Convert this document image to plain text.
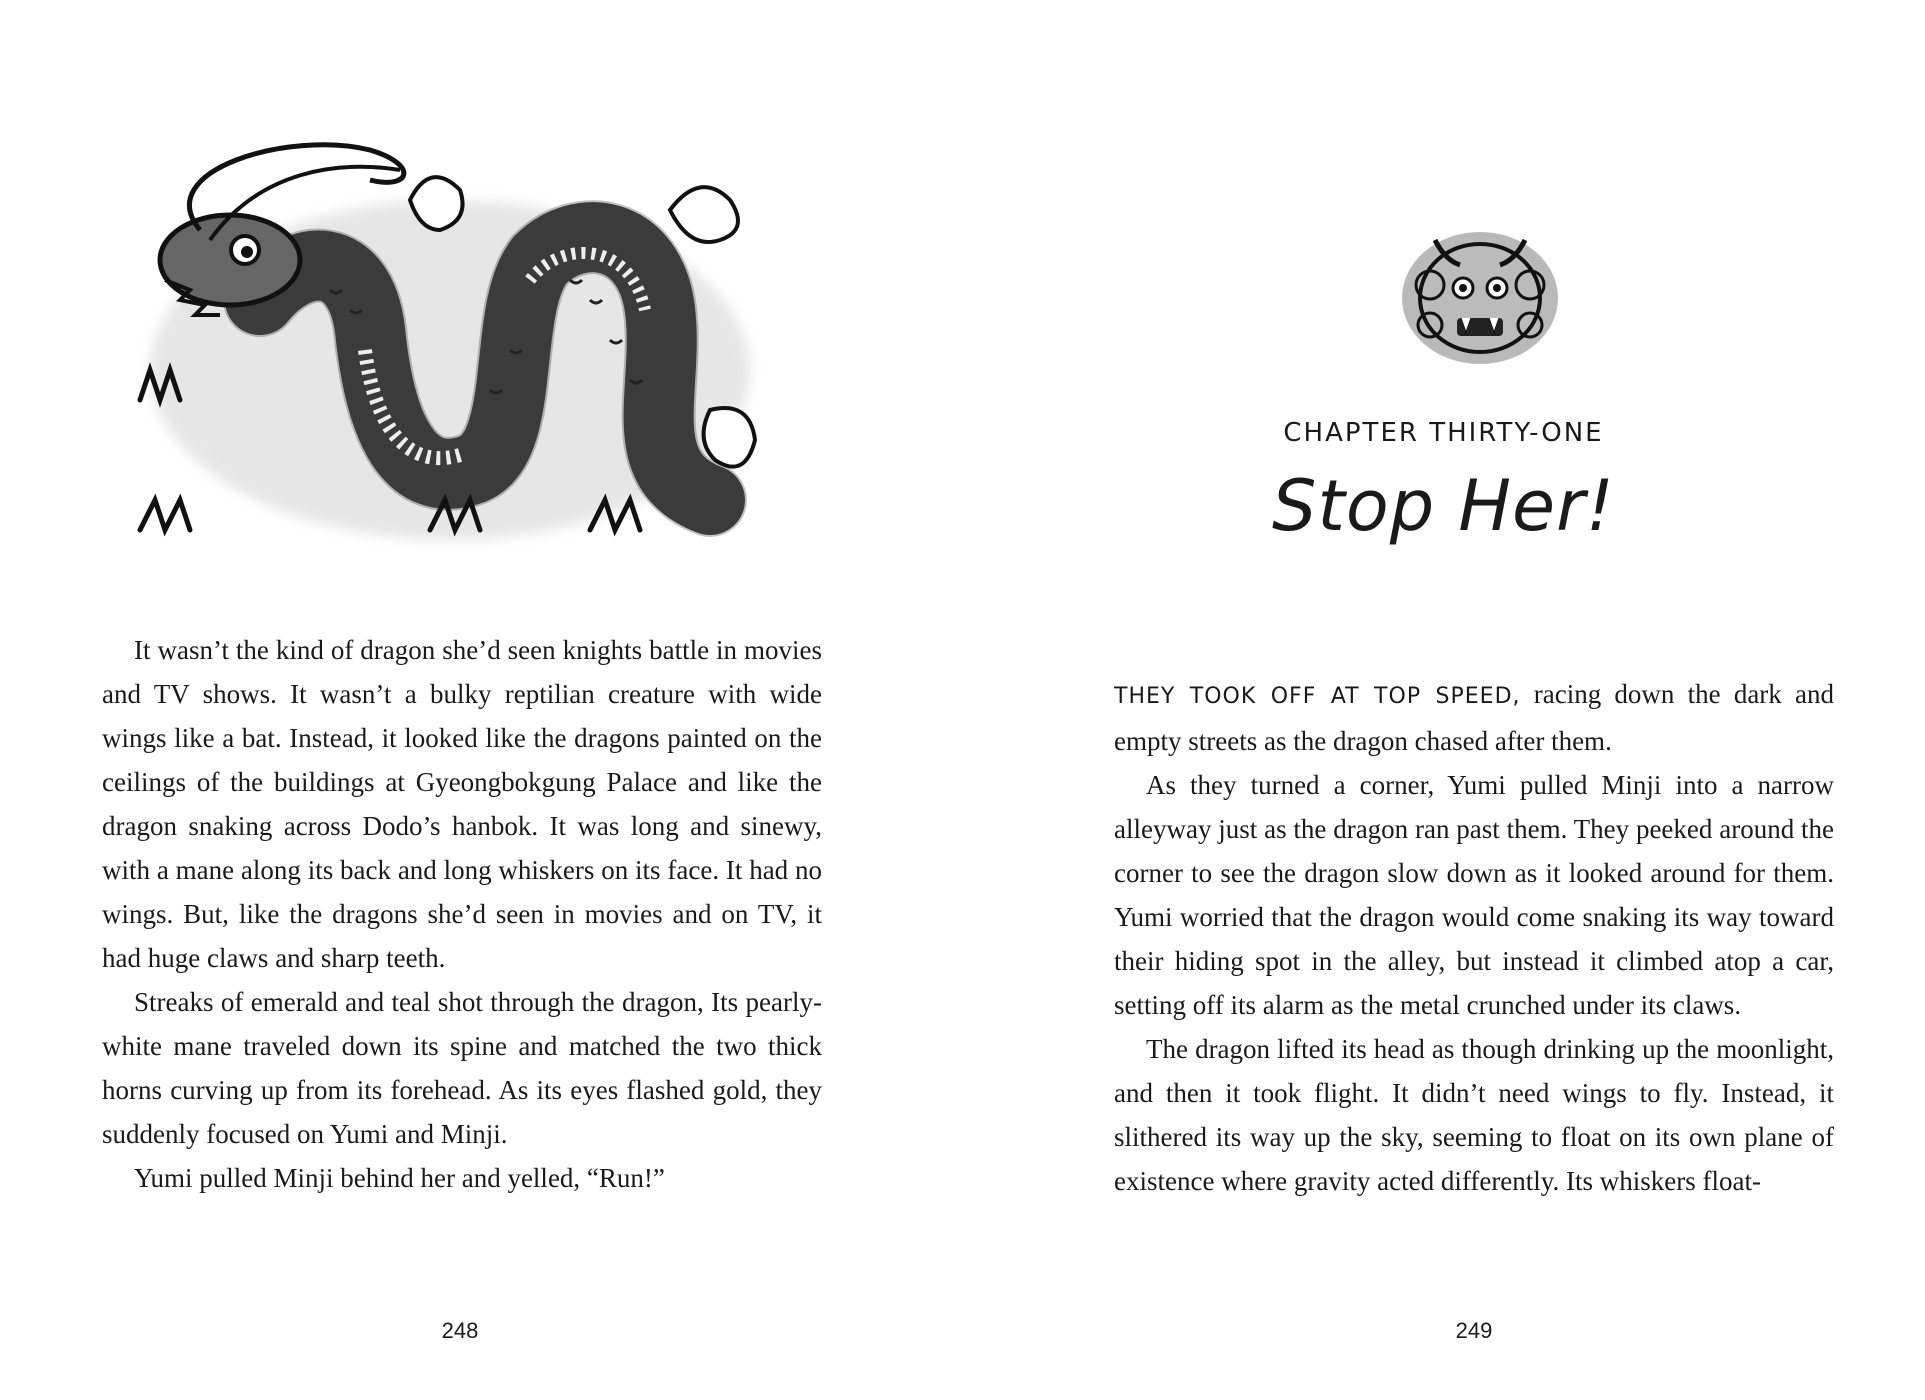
It wasn’t the kind of dragon she’d seen knights battle in movies and TV shows. It wasn’t a bulky reptilian creature with wide wings like a bat. Instead, it looked like the dragons painted on the ceilings of the buildings at Gyeongbokgung Palace and like the dragon snaking across Dodo’s hanbok. It was long and sinewy, with a mane along its back and long whiskers on its face. It had no wings. But, like the dragons she’d seen in movies and on TV, it had huge claws and sharp teeth.

Streaks of emerald and teal shot through the dragon, Its pearly-white mane traveled down its spine and matched the two thick horns curving up from its forehead. As its eyes flashed gold, they suddenly focused on Yumi and Minji.

Yumi pulled Minji behind her and yelled, “Run!”

248
CHAPTER THIRTY-ONE
Stop Her!

THEY TOOK OFF AT TOP SPEED, racing down the dark and empty streets as the dragon chased after them.

As they turned a corner, Yumi pulled Minji into a narrow alleyway just as the dragon ran past them. They peeked around the corner to see the dragon slow down as it looked around for them. Yumi worried that the dragon would come snaking its way toward their hiding spot in the alley, but instead it climbed atop a car, setting off its alarm as the metal crunched under its claws.

The dragon lifted its head as though drinking up the moonlight, and then it took flight. It didn’t need wings to fly. Instead, it slithered its way up the sky, seeming to float on its own plane of existence where gravity acted differently. Its whiskers float-

249
